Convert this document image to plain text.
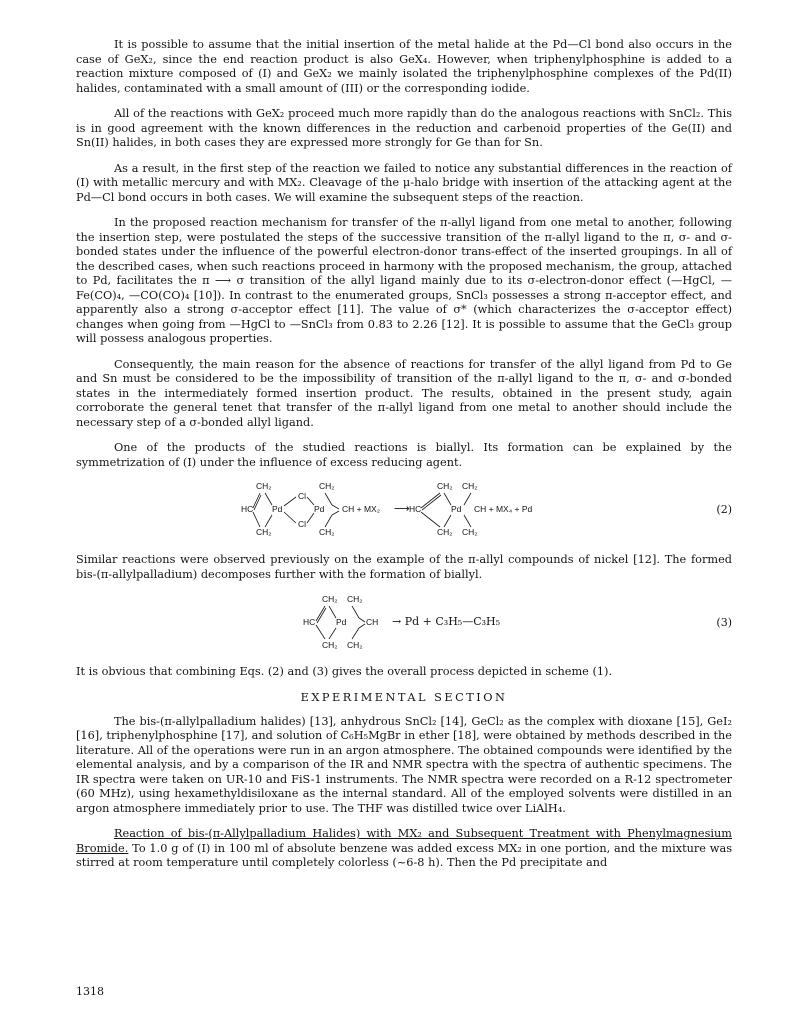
It is possible to assume that the initial insertion of the metal halide at the Pd—Cl bond also occurs in the case of GeX₂, since the end reaction product is also GeX₄. However, when triphenylphosphine is added to a reaction mixture composed of (I) and GeX₂ we mainly isolated the triphenylphosphine complexes of the Pd(II) halides, contaminated with a small amount of (III) or the corresponding iodide.

All of the reactions with GeX₂ proceed much more rapidly than do the analogous reactions with SnCl₂. This is in good agreement with the known differences in the reduction and carbenoid properties of the Ge(II) and Sn(II) halides, in both cases they are expressed more strongly for Ge than for Sn.

As a result, in the first step of the reaction we failed to notice any substantial differences in the reaction of (I) with metallic mercury and with MX₂. Cleavage of the μ-halo bridge with insertion of the attacking agent at the Pd—Cl bond occurs in both cases. We will examine the subsequent steps of the reaction.

In the proposed reaction mechanism for transfer of the π-allyl ligand from one metal to another, following the insertion step, were postulated the steps of the successive transition of the π-allyl ligand to the π, σ- and σ-bonded states under the influence of the powerful electron-donor trans-effect of the inserted groupings. In all of the described cases, when such reactions proceed in harmony with the proposed mechanism, the group, attached to Pd, facilitates the π ⟶ σ transition of the allyl ligand mainly due to its σ-electron-donor effect (—HgCl, —Fe(CO)₄, —CO(CO)₄ [10]). In contrast to the enumerated groups, SnCl₃ possesses a strong π-acceptor effect, and apparently also a strong σ-acceptor effect [11]. The value of σ* (which characterizes the σ-acceptor effect) changes when going from —HgCl to —SnCl₃ from 0.83 to 2.26 [12]. It is possible to assume that the GeCl₃ group will possess analogous properties.

Consequently, the main reason for the absence of reactions for transfer of the allyl ligand from Pd to Ge and Sn must be considered to be the impossibility of transition of the π-allyl ligand to the π, σ- and σ-bonded states in the intermediately formed insertion product. The results, obtained in the present study, again corroborate the general tenet that transfer of the π-allyl ligand from one metal to another should include the necessary step of a σ-bonded allyl ligand.

One of the products of the studied reactions is biallyl. Its formation can be explained by the symmetrization of (I) under the influence of excess reducing agent.

CH₂	CH₂
HC Pd
Cl
Cl
Pd CH + MX₂
CH₂	CH₂
⟶ HC
CH₂ CH₂
Pd CH + MX₄ + Pd
CH₂ CH₂
(2)

Similar reactions were observed previously on the example of the π-allyl compounds of nickel [12]. The formed bis-(π-allylpalladium) decomposes further with the formation of biallyl.

CH₂ CH₂
HC Pd CH
CH₂ CH₂
→ Pd + C₃H₅—C₃H₅	(3)

It is obvious that combining Eqs. (2) and (3) gives the overall process depicted in scheme (1).

EXPERIMENTAL SECTION

The bis-(π-allylpalladium halides) [13], anhydrous SnCl₂ [14], GeCl₂ as the complex with dioxane [15], GeI₂ [16], triphenylphosphine [17], and solution of C₆H₅MgBr in ether [18], were obtained by methods described in the literature. All of the operations were run in an argon atmosphere. The obtained compounds were identified by the elemental analysis, and by a comparison of the IR and NMR spectra with the spectra of authentic specimens. The IR spectra were taken on UR-10 and FiS-1 instruments. The NMR spectra were recorded on a R-12 spectrometer (60 MHz), using hexamethyldisiloxane as the internal standard. All of the employed solvents were distilled in an argon atmosphere immediately prior to use. The THF was distilled twice over LiAlH₄.

Reaction of bis-(π-Allylpalladium Halides) with MX₂ and Subsequent Treatment with Phenylmagnesium Bromide. To 1.0 g of (I) in 100 ml of absolute benzene was added excess MX₂ in one portion, and the mixture was stirred at room temperature until completely colorless (~6-8 h). Then the Pd precipitate and

1318
